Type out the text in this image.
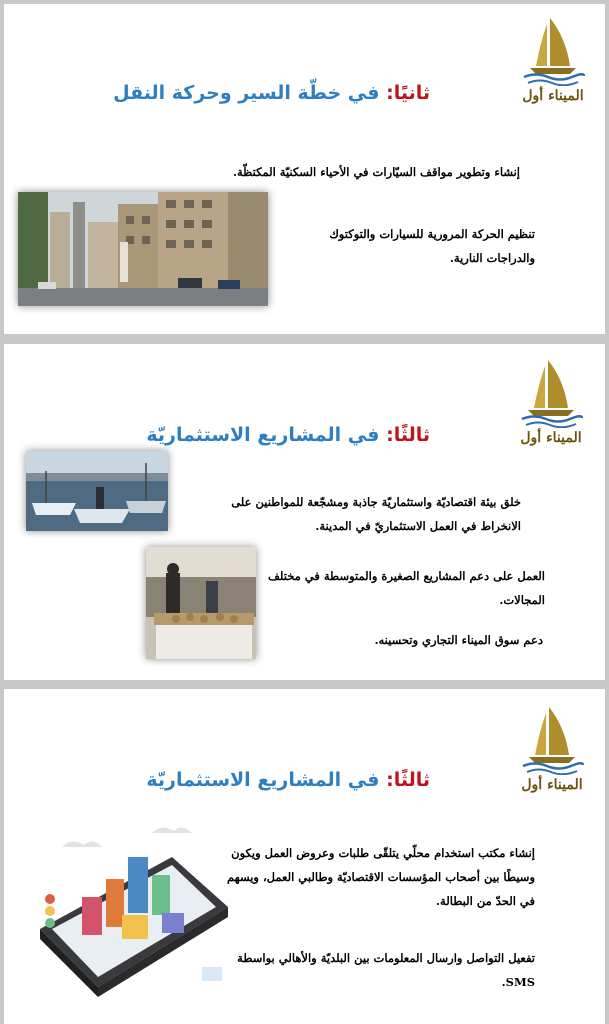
الميناء أول
ثانيًا: في خطّة السير وحركة النقل
إنشاء وتطوير مواقف السيّارات في الأحياء السكنيّة المكتظّة.
تنظيم الحركة المرورية للسيارات والتوكتوك والدراجات النارية.
الميناء أول
ثالثًا: في المشاريع الاستثماريّة
خلق بيئة اقتصاديّة واستثماريّة جاذبة ومشجّعة للمواطنين على الانخراط في العمل الاستثماريّ في المدينة.
العمل على دعم المشاريع الصغيرة والمتوسطة في مختلف المجالات.
دعم سوق الميناء التجاري وتحسينه.
الميناء أول
ثالثًا: في المشاريع الاستثماريّة
إنشاء مكتب استخدام محلّي يتلقّى طلبات وعروض العمل ويكون وسيطًا بين أصحاب المؤسسات الاقتصاديّة وطالبي العمل، ويسهم في الحدّ من البطالة.
تفعيل التواصل وارسال المعلومات بين البلديّة والأهالي بواسطة SMS.
